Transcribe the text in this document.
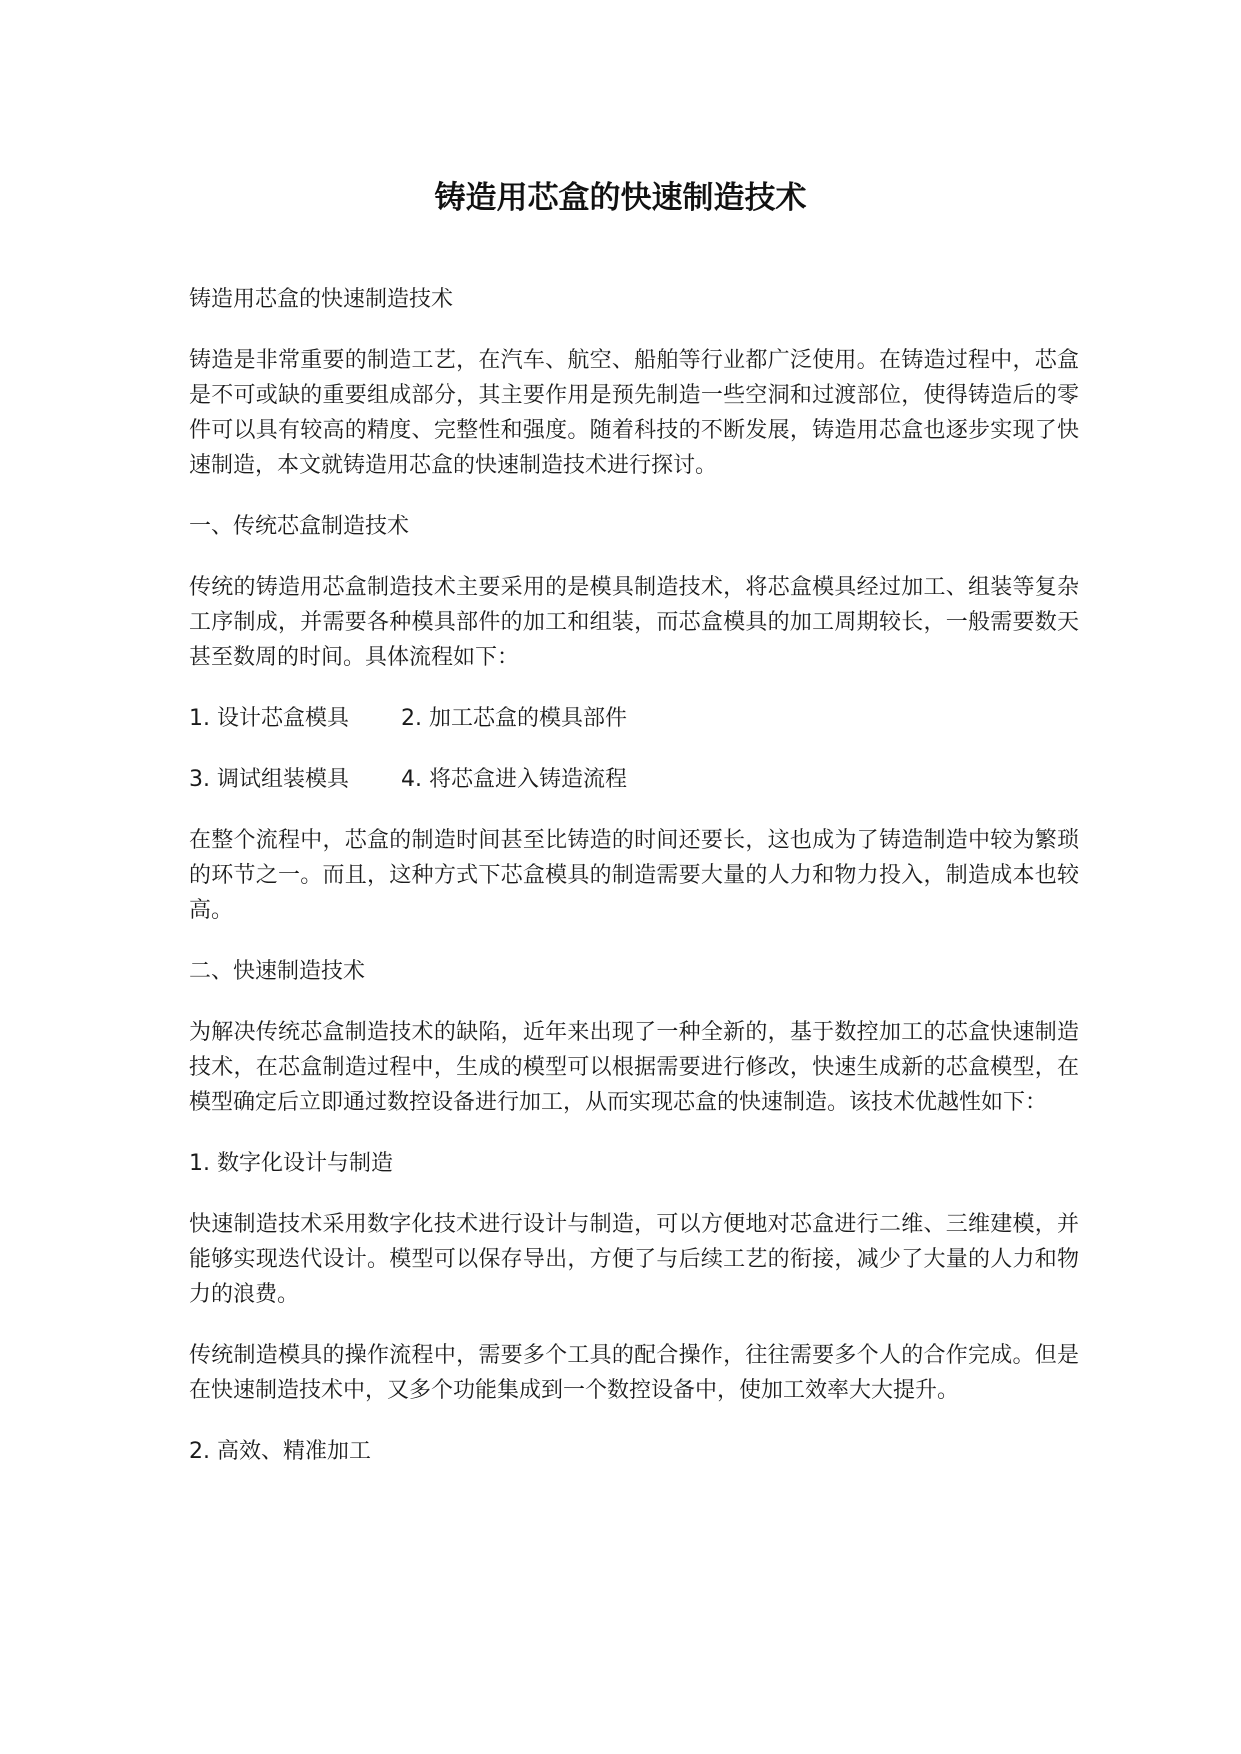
铸造用芯盒的快速制造技术
铸造用芯盒的快速制造技术

铸造是非常重要的制造工艺，在汽车、航空、船舶等行业都广泛使用。在铸造过程中，芯盒是不可或缺的重要组成部分，其主要作用是预先制造一些空洞和过渡部位，使得铸造后的零件可以具有较高的精度、完整性和强度。随着科技的不断发展，铸造用芯盒也逐步实现了快速制造，本文就铸造用芯盒的快速制造技术进行探讨。

一、传统芯盒制造技术

传统的铸造用芯盒制造技术主要采用的是模具制造技术，将芯盒模具经过加工、组装等复杂工序制成，并需要各种模具部件的加工和组装，而芯盒模具的加工周期较长，一般需要数天甚至数周的时间。具体流程如下：

1. 设计芯盒模具 2. 加工芯盒的模具部件
3. 调试组装模具 4. 将芯盒进入铸造流程

在整个流程中，芯盒的制造时间甚至比铸造的时间还要长，这也成为了铸造制造中较为繁琐的环节之一。而且，这种方式下芯盒模具的制造需要大量的人力和物力投入，制造成本也较高。

二、快速制造技术

为解决传统芯盒制造技术的缺陷，近年来出现了一种全新的，基于数控加工的芯盒快速制造技术，在芯盒制造过程中，生成的模型可以根据需要进行修改，快速生成新的芯盒模型，在模型确定后立即通过数控设备进行加工，从而实现芯盒的快速制造。该技术优越性如下：

1. 数字化设计与制造

快速制造技术采用数字化技术进行设计与制造，可以方便地对芯盒进行二维、三维建模，并能够实现迭代设计。模型可以保存导出，方便了与后续工艺的衔接，减少了大量的人力和物力的浪费。

传统制造模具的操作流程中，需要多个工具的配合操作，往往需要多个人的合作完成。但是在快速制造技术中，又多个功能集成到一个数控设备中，使加工效率大大提升。

2. 高效、精准加工
